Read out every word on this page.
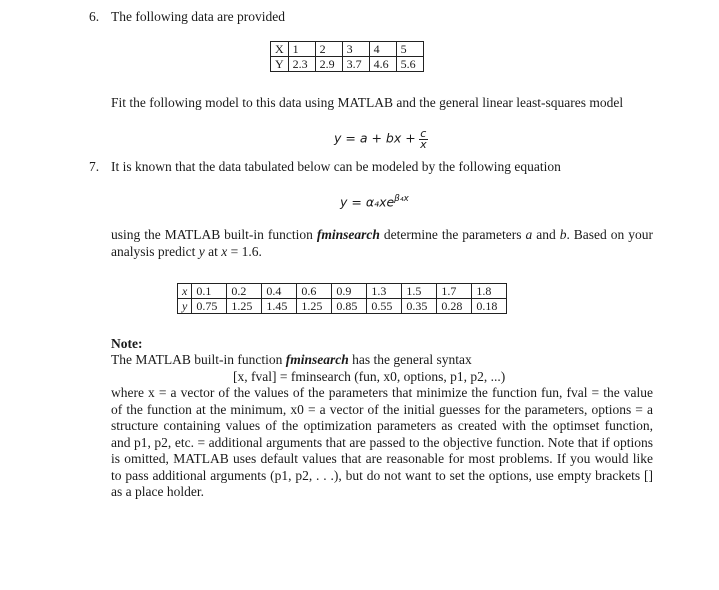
6. The following data are provided
X	1	2	3	4	5
Y	2.3	2.9	3.7	4.6	5.6
Fit the following model to this data using MATLAB and the general linear least-squares model
y = a + bx + $\frac{c}{x}$
7. It is known that the data tabulated below can be modeled by the following equation
$y = \alpha_4xe^{\beta_4x}$
using the MATLAB built-in function fminsearch determine the parameters a and b. Based on your analysis predict y at x = 1.6.
x	0.1	0.2	0.4	0.6	0.9	1.3	1.5	1.7	1.8
y	0.75	1.25	1.45	1.25	0.85	0.55	0.35	0.28	0.18
Note:
The MATLAB built-in function fminsearch has the general syntax
[x, fval] = fminsearch (fun, x0, options, p1, p2, ...)
where x = a vector of the values of the parameters that minimize the function fun, fval = the value of the function at the minimum, x0 = a vector of the initial guesses for the parameters, options = a structure containing values of the optimization parameters as created with the optimset function, and p1, p2, etc. = additional arguments that are passed to the objective function. Note that if options is omitted, MATLAB uses default values that are reasonable for most problems. If you would like to pass additional arguments (p1, p2, . . .), but do not want to set the options, use empty brackets [] as a place holder.
